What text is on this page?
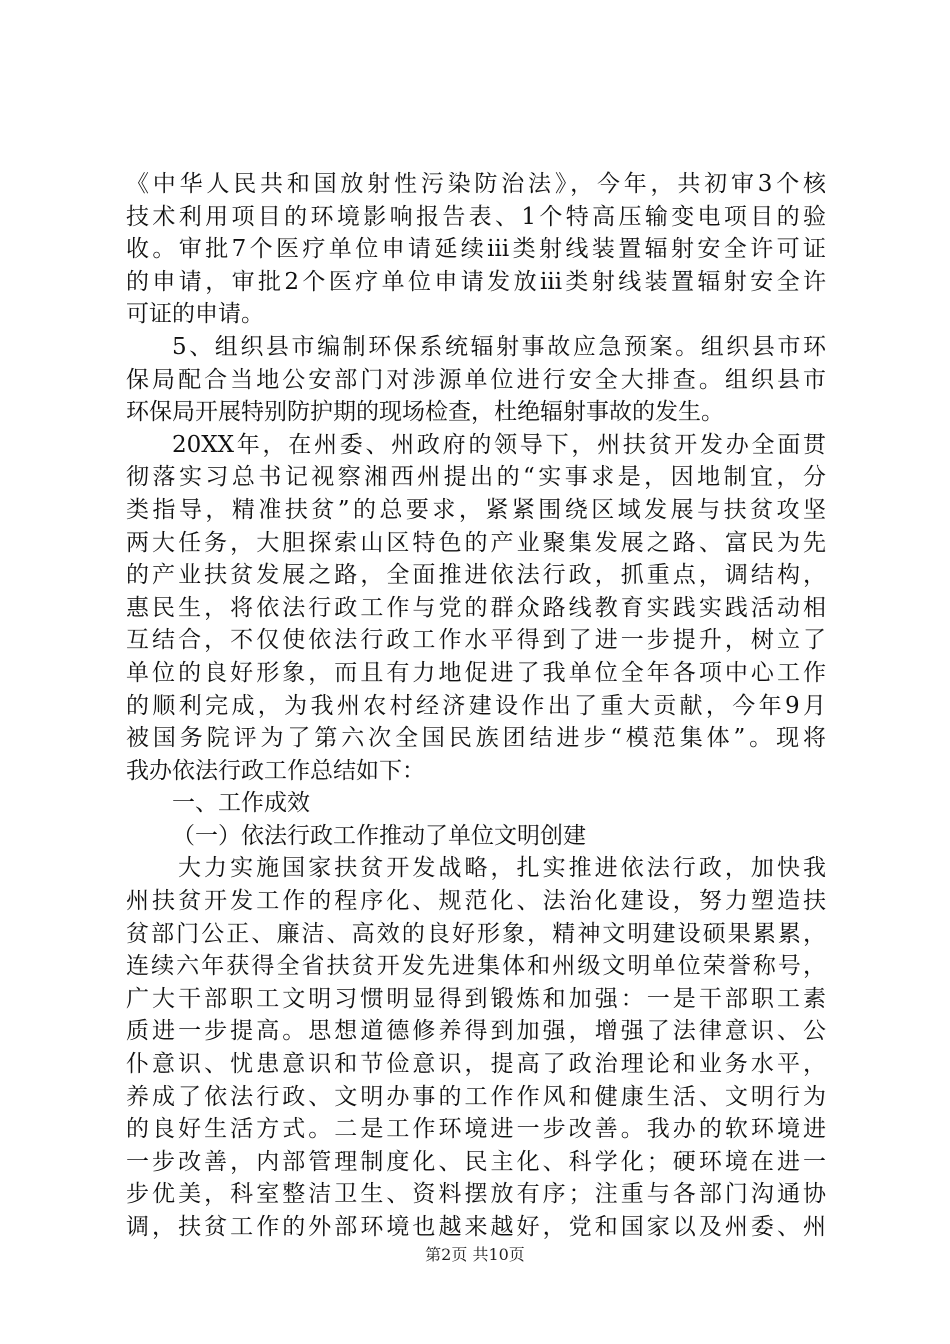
《中华人民共和国放射性污染防治法》，今年，共初审3个核
技术利用项目的环境影响报告表、1个特高压输变电项目的验
收。审批7个医疗单位申请延续ⅲ类射线装置辐射安全许可证
的申请，审批2个医疗单位申请发放ⅲ类射线装置辐射安全许
可证的申请。
5、组织县市编制环保系统辐射事故应急预案。组织县市环
保局配合当地公安部门对涉源单位进行安全大排查。组织县市
环保局开展特别防护期的现场检查，杜绝辐射事故的发生。
20XX年，在州委、州政府的领导下，州扶贫开发办全面贯
彻落实习总书记视察湘西州提出的“实事求是，因地制宜，分
类指导，精准扶贫”的总要求，紧紧围绕区域发展与扶贫攻坚
两大任务，大胆探索山区特色的产业聚集发展之路、富民为先
的产业扶贫发展之路，全面推进依法行政，抓重点，调结构，
惠民生，将依法行政工作与党的群众路线教育实践实践活动相
互结合，不仅使依法行政工作水平得到了进一步提升，树立了
单位的良好形象，而且有力地促进了我单位全年各项中心工作
的顺利完成，为我州农村经济建设作出了重大贡献，今年9月
被国务院评为了第六次全国民族团结进步“模范集体”。现将
我办依法行政工作总结如下：
一、工作成效
（一）依法行政工作推动了单位文明创建
大力实施国家扶贫开发战略，扎实推进依法行政，加快我
州扶贫开发工作的程序化、规范化、法治化建设，努力塑造扶
贫部门公正、廉洁、高效的良好形象，精神文明建设硕果累累，
连续六年获得全省扶贫开发先进集体和州级文明单位荣誉称号，
广大干部职工文明习惯明显得到锻炼和加强：一是干部职工素
质进一步提高。思想道德修养得到加强，增强了法律意识、公
仆意识、忧患意识和节俭意识，提高了政治理论和业务水平，
养成了依法行政、文明办事的工作作风和健康生活、文明行为
的良好生活方式。二是工作环境进一步改善。我办的软环境进
一步改善，内部管理制度化、民主化、科学化；硬环境在进一
步优美，科室整洁卫生、资料摆放有序；注重与各部门沟通协
调，扶贫工作的外部环境也越来越好，党和国家以及州委、州
第2页 共10页
